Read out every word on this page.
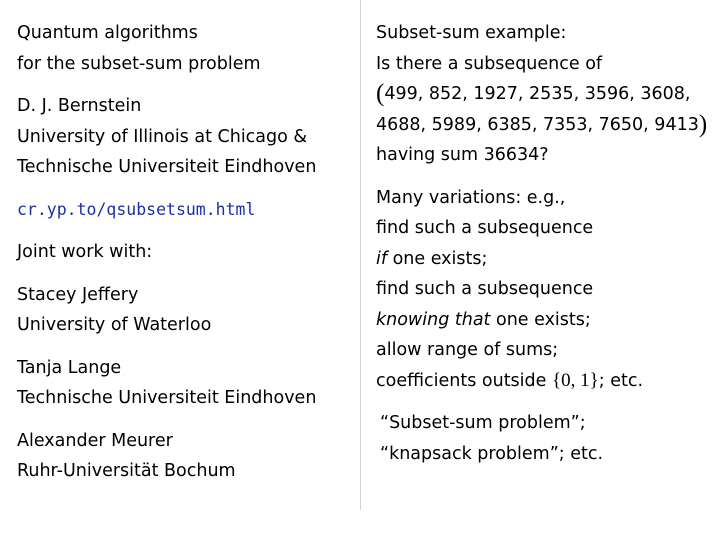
Quantum algorithms
for the subset-sum problem
D. J. Bernstein
University of Illinois at Chicago &
Technische Universiteit Eindhoven
cr.yp.to/qsubsetsum.html
Joint work with:
Stacey Jeffery
University of Waterloo
Tanja Lange
Technische Universiteit Eindhoven
Alexander Meurer
Ruhr-Universität Bochum
Subset-sum example:
Is there a subsequence of
(499, 852, 1927, 2535, 3596, 3608,
4688, 5989, 6385, 7353, 7650, 9413)
having sum 36634?
Many variations: e.g.,
find such a subsequence
if one exists;
find such a subsequence
knowing that one exists;
allow range of sums;
coefficients outside {0, 1}; etc.
“Subset-sum problem”;
“knapsack problem”; etc.
